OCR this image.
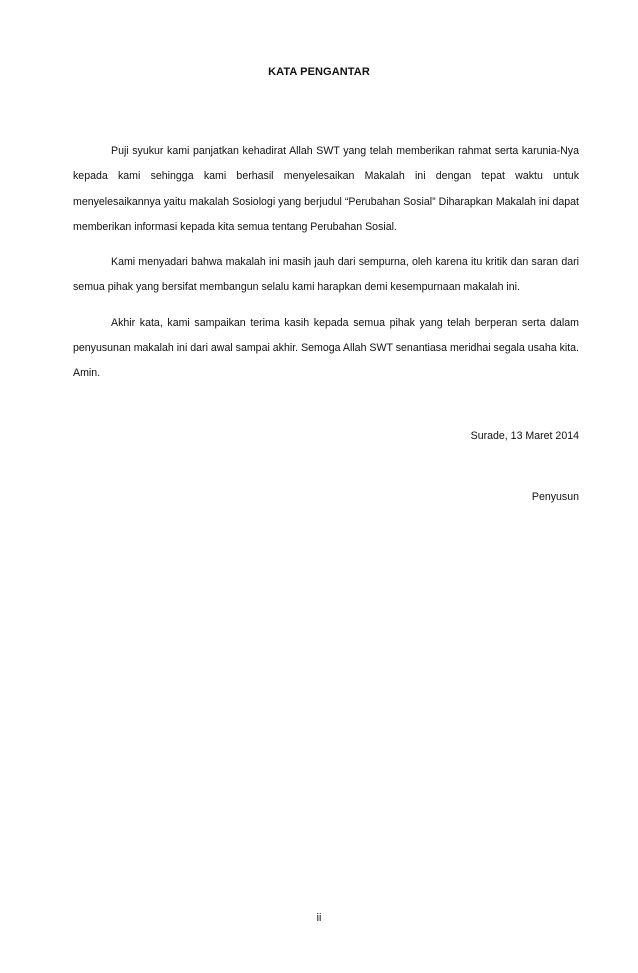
KATA PENGANTAR

Puji syukur kami panjatkan kehadirat Allah SWT yang telah memberikan rahmat serta karunia-Nya kepada kami sehingga kami berhasil menyelesaikan Makalah ini dengan tepat waktu untuk menyelesaikannya yaitu makalah Sosiologi yang berjudul “Perubahan Sosial” Diharapkan Makalah ini dapat memberikan informasi kepada kita semua tentang Perubahan Sosial.

Kami menyadari bahwa makalah ini masih jauh dari sempurna, oleh karena itu kritik dan saran dari semua pihak yang bersifat membangun selalu kami harapkan demi kesempurnaan makalah ini.

Akhir kata, kami sampaikan terima kasih kepada semua pihak yang telah berperan serta dalam penyusunan makalah ini dari awal sampai akhir. Semoga Allah SWT senantiasa meridhai segala usaha kita. Amin.

Surade, 13 Maret 2014
Penyusun
ii
